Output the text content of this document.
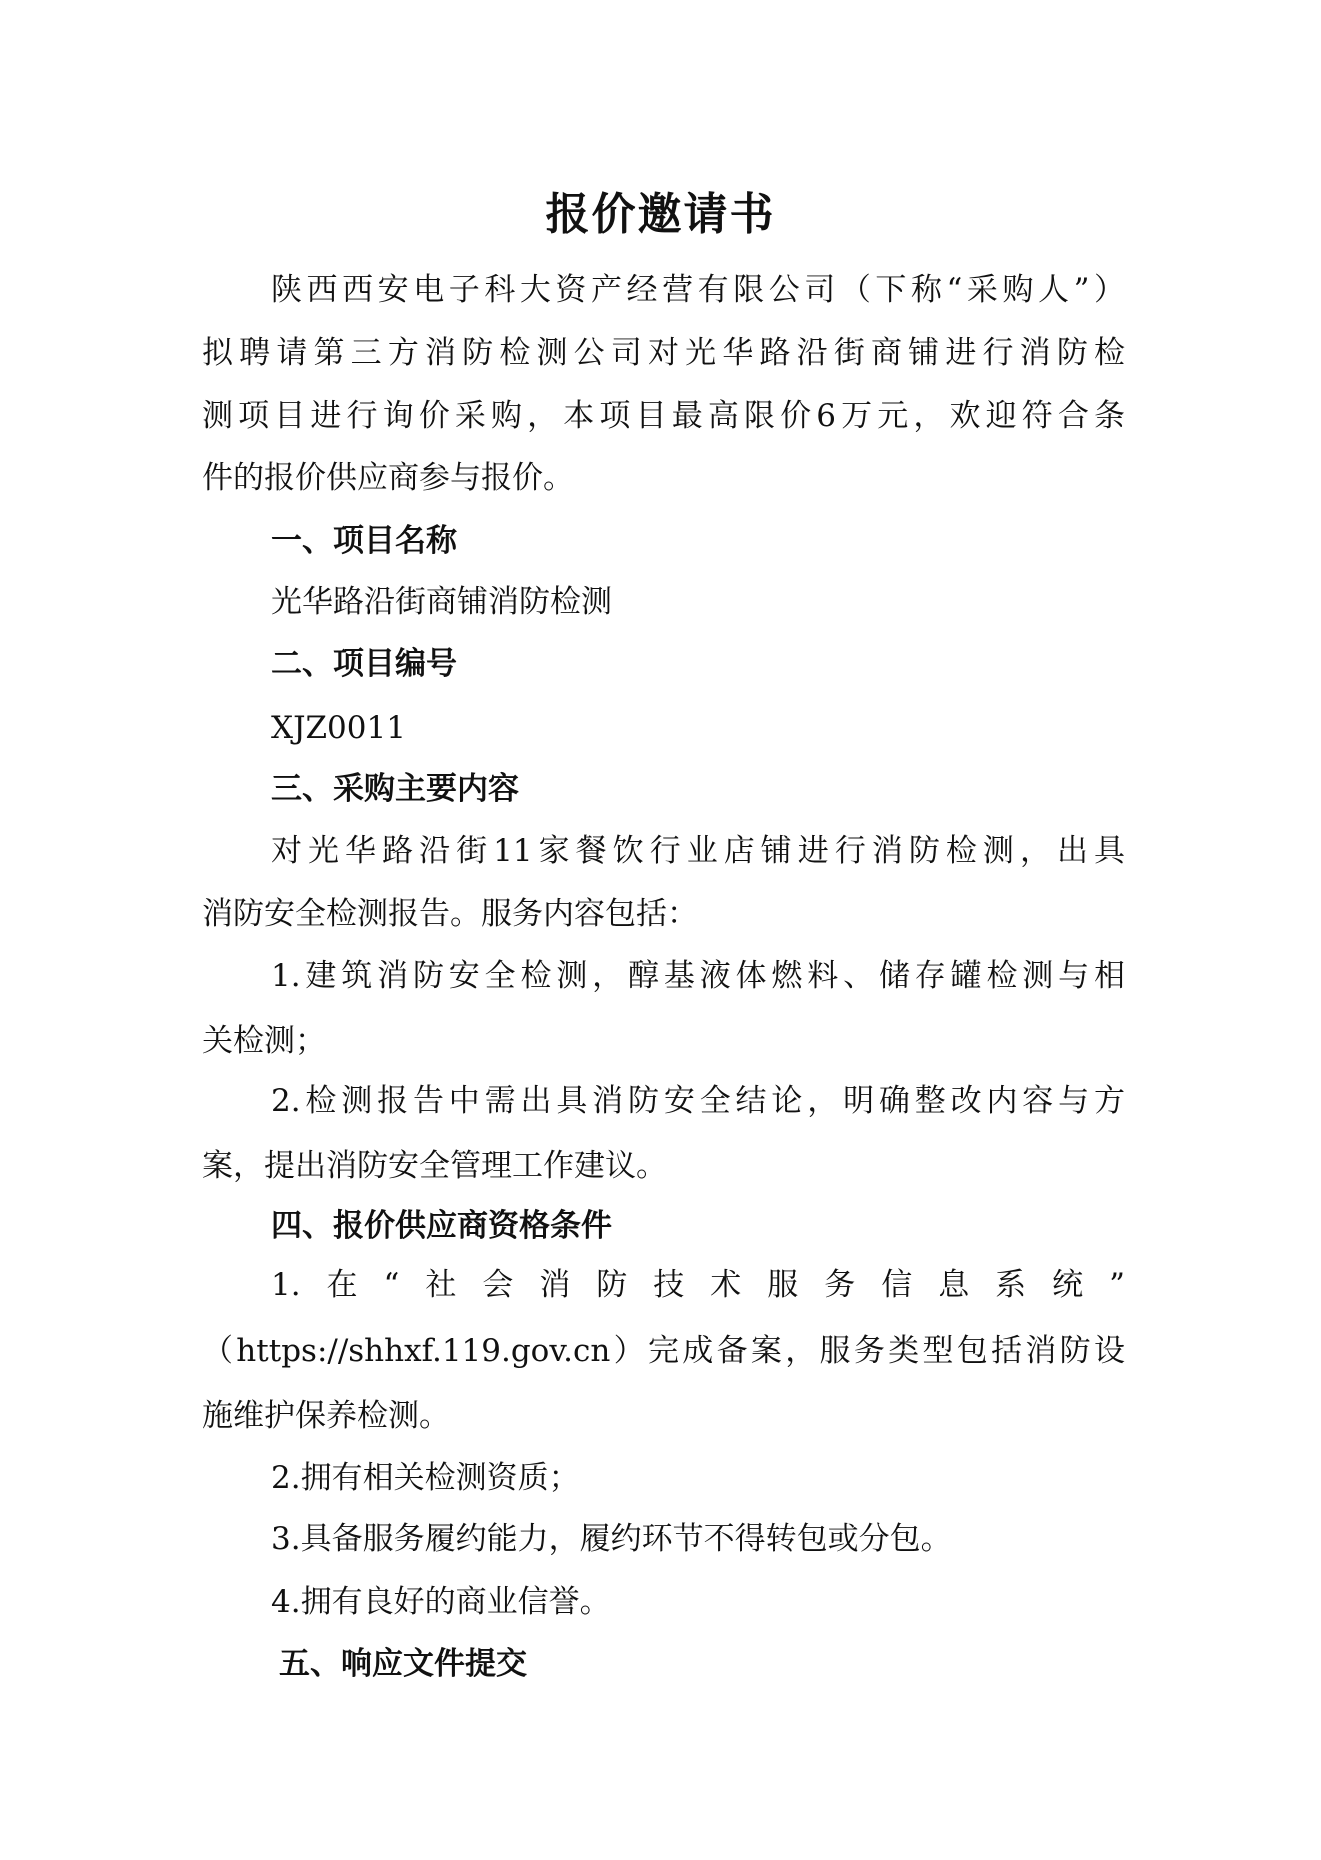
报价邀请书
陕西西安电子科大资产经营有限公司（下称“采购人”）
拟聘请第三方消防检测公司对光华路沿街商铺进行消防检
测项目进行询价采购，本项目最高限价6万元，欢迎符合条
件的报价供应商参与报价。
一、项目名称
光华路沿街商铺消防检测
二、项目编号
XJZ0011
三、采购主要内容
对光华路沿街11家餐饮行业店铺进行消防检测，出具
消防安全检测报告。服务内容包括：
1.建筑消防安全检测，醇基液体燃料、储存罐检测与相
关检测；
2.检测报告中需出具消防安全结论，明确整改内容与方
案，提出消防安全管理工作建议。
四、报价供应商资格条件
1.在“社会消防技术服务信息系统”
（https://shhxf.119.gov.cn）完成备案，服务类型包括消防设
施维护保养检测。
2.拥有相关检测资质；
3.具备服务履约能力，履约环节不得转包或分包。
4.拥有良好的商业信誉。
五、响应文件提交
